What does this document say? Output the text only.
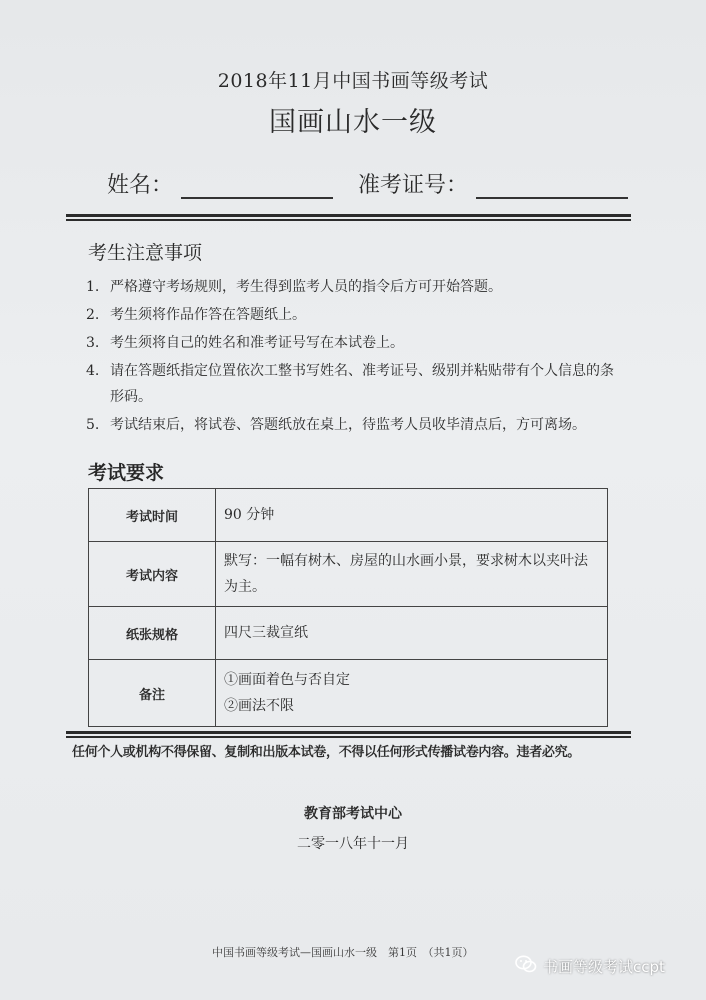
2018年11月中国书画等级考试
国画山水一级
姓名：	准考证号：
考生注意事项
1. 严格遵守考场规则，考生得到监考人员的指令后方可开始答题。
2. 考生须将作品作答在答题纸上。
3. 考生须将自己的姓名和准考证号写在本试卷上。
4. 请在答题纸指定位置依次工整书写姓名、准考证号、级别并粘贴带有个人信息的条形码。
5. 考试结束后，将试卷、答题纸放在桌上，待监考人员收毕清点后，方可离场。
考试要求
考试时间	90 分钟

考试内容	默写：一幅有树木、房屋的山水画小景，要求树木以夹叶法为主。

纸张规格	四尺三裁宣纸

备注	①画面着色与否自定
②画法不限
任何个人或机构不得保留、复制和出版本试卷，不得以任何形式传播试卷内容。违者必究。
教育部考试中心
二零一八年十一月
中国书画等级考试—国画山水一级　第1页　（共1页）
书画等级考试ccpt
